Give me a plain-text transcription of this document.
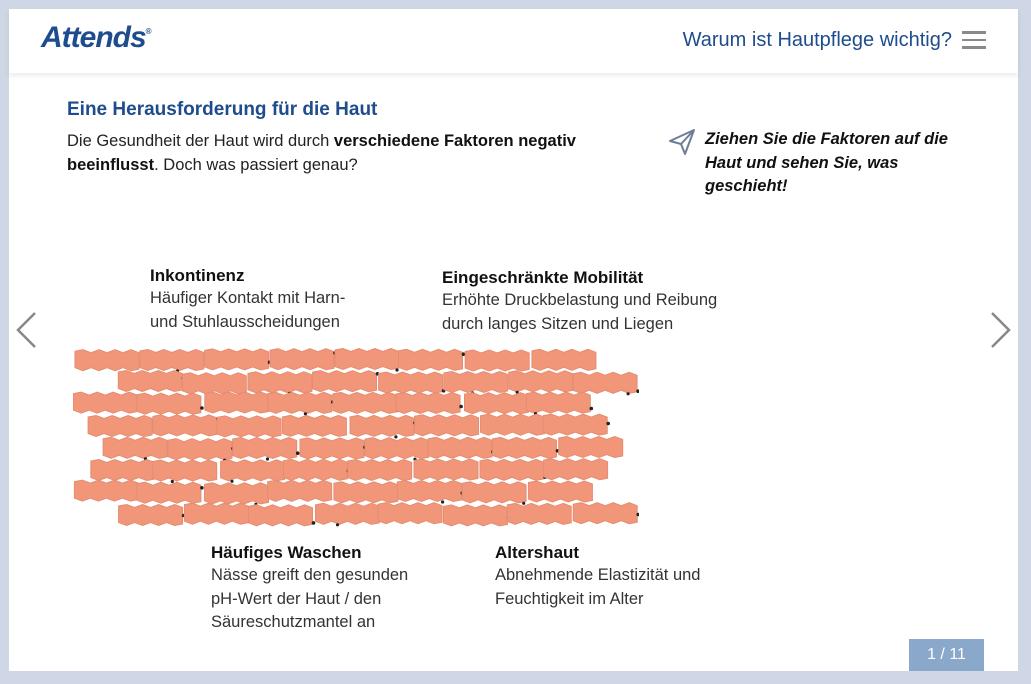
Attends®	Warum ist Hautpflege wichtig?
Eine Herausforderung für die Haut
Die Gesundheit der Haut wird durch verschiedene Faktoren negativ beeinflusst. Doch was passiert genau?
Ziehen Sie die Faktoren auf die Haut und sehen Sie, was geschieht!
Inkontinenz
Häufiger Kontakt mit Harn-
und Stuhlausscheidungen
Eingeschränkte Mobilität
Erhöhte Druckbelastung und Reibung
durch langes Sitzen und Liegen
Häufiges Waschen
Nässe greift den gesunden
pH-Wert der Haut / den
Säureschutzmantel an
Altershaut
Abnehmende Elastizität und
Feuchtigkeit im Alter
1 / 11
